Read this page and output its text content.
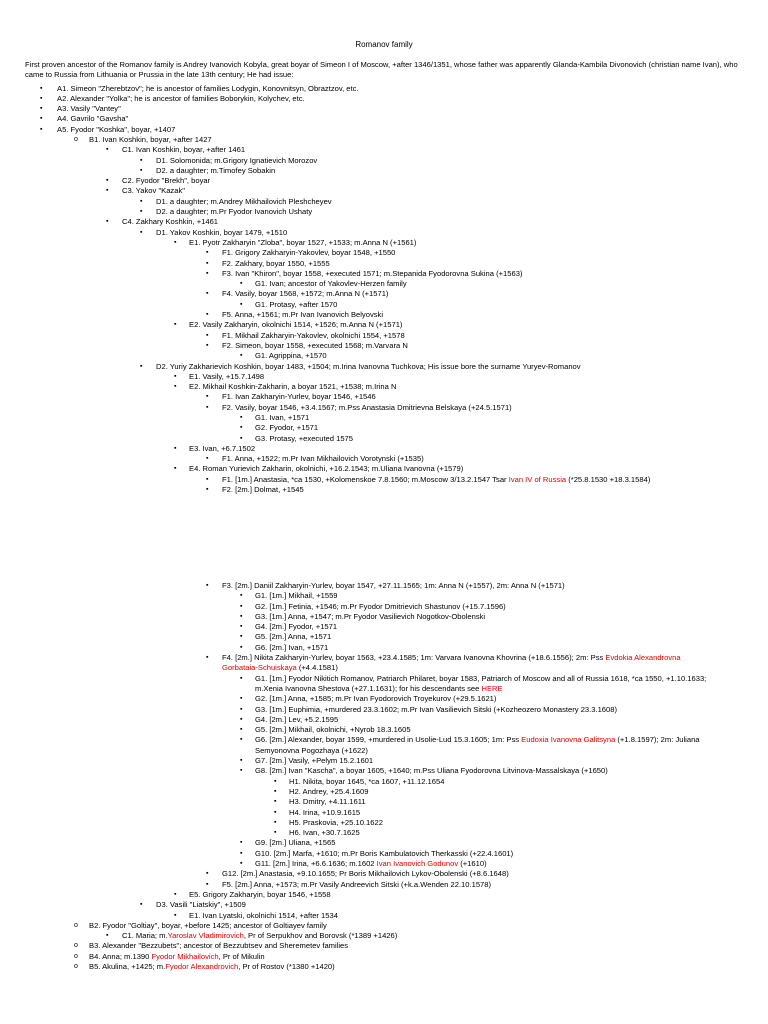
Romanov family
First proven ancestor of the Romanov family is Andrey Ivanovich Kobyla, great boyar of Simeon I of Moscow, +after 1346/1351, whose father was apparently Glanda-Kambila Divonovich (christian name Ivan), who came to Russia from Lithuania or Prussia in the late 13th century; He had issue:
▪ A1. Simeon "Zherebtzov"; he is ancestor of families Lodygin, Konovnitsyn, Obraztzov, etc.
▪ A2. Alexander "Yolka"; he is ancestor of families Boborykin, Kolychev, etc.
▪ A3. Vasily "Vantey"
▪ A4. Gavrilo "Gavsha"
▪ A5. Fyodor "Koshka", boyar, +1407
o B1. Ivan Koshkin, boyar, +after 1427
▪ C1. Ivan Koshkin, boyar, +after 1461
▪ D1. Solomonida; m.Grigory Ignatievich Morozov
▪ D2. a daughter; m.Timofey Sobakin
▪ C2. Fyodor "Brekh", boyar
▪ C3. Yakov "Kazak"
▪ D1. a daughter; m.Andrey Mikhailovich Pleshcheyev
▪ D2. a daughter; m.Pr Fyodor Ivanovich Ushaty
▪ C4. Zakhary Koshkin, +1461
▪ D1. Yakov Koshkin, boyar 1479, +1510
▪ E1. Pyotr Zakharyin "Zloba", boyar 1527, +1533; m.Anna N (+1561)
▪ F1. Grigory Zakharyin-Yakovlev, boyar 1548, +1550
▪ F2. Zakhary, boyar 1550, +1555
▪ F3. Ivan "Khiron", boyar 1558, +executed 1571; m.Stepanida Fyodorovna Sukina (+1563)
▪ G1. Ivan; ancestor of Yakovlev-Herzen family
▪ F4. Vasily, boyar 1568, +1572; m.Anna N (+1571)
▪ G1. Protasy, +after 1570
▪ F5. Anna, +1561; m.Pr Ivan Ivanovich Belyovski
▪ E2. Vasily Zakharyin, okolnichi 1514, +1526; m.Anna N (+1571)
▪ F1. Mikhail Zakharyin-Yakovlev, okolnichi 1554, +1578
▪ F2. Simeon, boyar 1558, +executed 1568; m.Varvara N
▪ G1. Agrippina, +1570
▪ D2. Yuriy Zakharievich Koshkin, boyar 1483, +1504; m.Irina Ivanovna Tuchkova; His issue bore the surname Yuryev-Romanov
▪ E1. Vasily, +15.7.1498
▪ E2. Mikhail Koshkin-Zakharin, a boyar 1521, +1538; m.Irina N
▪ F1. Ivan Zakharyin-Yurlev, boyar 1546, +1546
▪ F2. Vasily, boyar 1546, +3.4.1567; m.Pss Anastasia Dmitrievna Belskaya (+24.5.1571)
▪ G1. Ivan, +1571
▪ G2. Fyodor, +1571
▪ G3. Protasy, +executed 1575
▪ E3. Ivan, +6.7.1502
▪ F1. Anna, +1522; m.Pr Ivan Mikhailovich Vorotynski (+1535)
▪ E4. Roman Yurievich Zakharin, okolnichi, +16.2.1543; m.Uliana Ivanovna (+1579)
▪ F1. [1m.] Anastasia, *ca 1530, +Kolomenskoe 7.8.1560; m.Moscow 3/13.2.1547 Tsar Ivan IV of Russia (*25.8.1530 +18.3.1584)
▪ F2. [2m.] Dolmat, +1545
▪ F3. [2m.] Daniil Zakharyin-Yurlev, boyar 1547, +27.11.1565; 1m: Anna N (+1557), 2m: Anna N (+1571)
▪ G1. [1m.] Mikhail, +1559
▪ G2. [1m.] Fetinia, +1546; m.Pr Fyodor Dmitrievich Shastunov (+15.7.1596)
▪ G3. [1m.] Anna, +1547; m.Pr Fyodor Vasilievich Nogotkov-Obolenski
▪ G4. [2m.] Fyodor, +1571
▪ G5. [2m.] Anna, +1571
▪ G6. [2m.] Ivan, +1571
▪ F4. [2m.] Nikita Zakharyin-Yurlev, boyar 1563, +23.4.1585; 1m: Varvara Ivanovna Khovrina (+18.6.1556); 2m: Pss Evdokia Alexandrovna
Gorbataia-Schuiskaya (+4.4.1581)
▪ G1. [1m.] Fyodor Nikitich Romanov, Patriarch Philaret, boyar 1583, Patriarch of Moscow and all of Russia 1618, *ca 1550, +1.10.1633;
m.Xenia Ivanovna Shestova (+27.1.1631); for his descendants see HERE
▪ G2. [1m.] Anna, +1585; m.Pr Ivan Fyodorovich Troyekurov (+29.5.1621)
▪ G3. [1m.] Euphimia, +murdered 23.3.1602; m.Pr Ivan Vasilievich Sitski (+Kozheozero Monastery 23.3.1608)
▪ G4. [2m.] Lev, +5.2.1595
▪ G5. [2m.] Mikhail, okolnichi, +Nyrob 18.3.1605
▪ G6. [2m.] Alexander, boyar 1599, +murdered in Usolie-Lud 15.3.1605; 1m: Pss Eudoxia Ivanovna Galitsyna (+1.8.1597); 2m: Juliana
Semyonovna Pogozhaya (+1622)
▪ G7. [2m.] Vasily, +Pelym 15.2.1601
▪ G8. [2m.] Ivan "Kascha", a boyar 1605, +1640; m.Pss Uliana Fyodorovna Litvinova-Massalskaya (+1650)
▪ H1. Nikita, boyar 1645, *ca 1607, +11.12.1654
▪ H2. Andrey, +25.4.1609
▪ H3. Dmitry, +4.11.1611
▪ H4. Irina, +10.9.1615
▪ H5. Praskovia, +25.10.1622
▪ H6. Ivan, +30.7.1625
▪ G9. [2m.] Uliana, +1565
▪ G10. [2m.] Marfa, +1610; m.Pr Boris Kambulatovich Therkasski (+22.4.1601)
▪ G11. [2m.] Irina, +6.6.1636; m.1602 Ivan Ivanovich Godunov (+1610)
▪ G12. [2m.] Anastasia, +9.10.1655; Pr Boris Mikhailovich Lykov-Obolenski (+8.6.1648)
▪ F5. [2m.] Anna, +1573; m.Pr Vasily Andreevich Sitski (+k.a.Wenden 22.10.1578)
▪ E5. Grigory Zakharyin, boyar 1546, +1558
▪ D3. Vasili "Liatskiy", +1509
▪ E1. Ivan Lyatski, okolnichi 1514, +after 1534
o B2. Fyodor "Goltiay", boyar, +before 1425; ancestor of Goltiayev family
▪ C1. Maria; m.Yaroslav Vladimirovich, Pr of Serpukhov and Borovsk (*1389 +1426)
o B3. Alexander "Bezzubets"; ancestor of Bezzubtsev and Sheremetev families
o B4. Anna; m.1390 Fyodor Mikhailovich, Pr of Mikulin
o B5. Akulina, +1425; m.Fyodor Alexandrovich, Pr of Rostov (*1380 +1420)
